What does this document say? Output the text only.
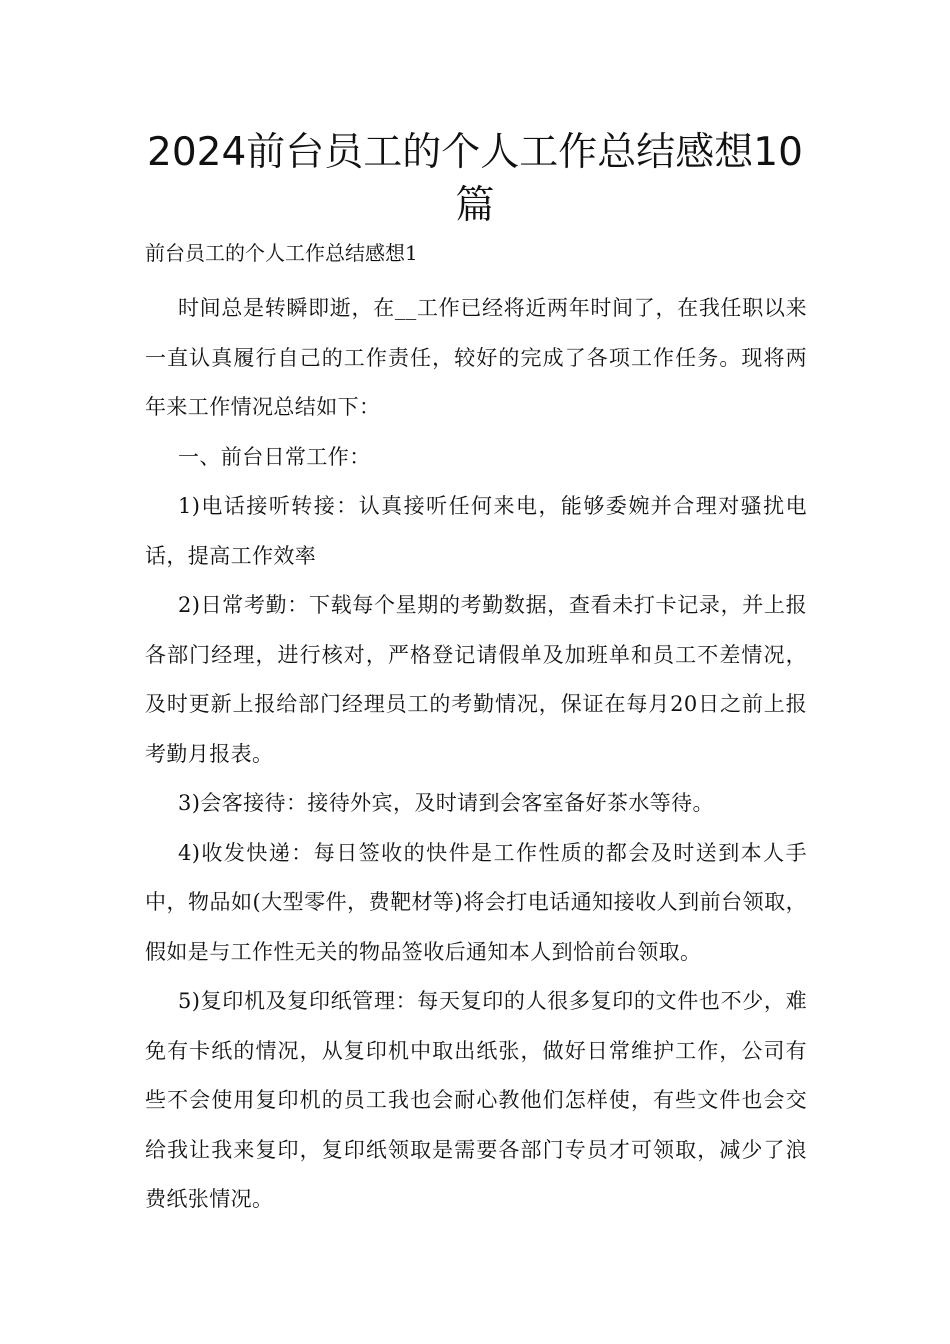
2024前台员工的个人工作总结感想10篇

前台员工的个人工作总结感想1

时间总是转瞬即逝，在__工作已经将近两年时间了，在我任职以来一直认真履行自己的工作责任，较好的完成了各项工作任务。现将两年来工作情况总结如下：

一、前台日常工作：

1)电话接听转接：认真接听任何来电，能够委婉并合理对骚扰电话，提高工作效率

2)日常考勤：下载每个星期的考勤数据，查看未打卡记录，并上报各部门经理，进行核对，严格登记请假单及加班单和员工不差情况，及时更新上报给部门经理员工的考勤情况，保证在每月20日之前上报考勤月报表。

3)会客接待：接待外宾，及时请到会客室备好茶水等待。

4)收发快递：每日签收的快件是工作性质的都会及时送到本人手中，物品如(大型零件，费靶材等)将会打电话通知接收人到前台领取，假如是与工作性无关的物品签收后通知本人到恰前台领取。

5)复印机及复印纸管理：每天复印的人很多复印的文件也不少，难免有卡纸的情况，从复印机中取出纸张，做好日常维护工作，公司有些不会使用复印机的员工我也会耐心教他们怎样使，有些文件也会交给我让我来复印，复印纸领取是需要各部门专员才可领取，减少了浪费纸张情况。
